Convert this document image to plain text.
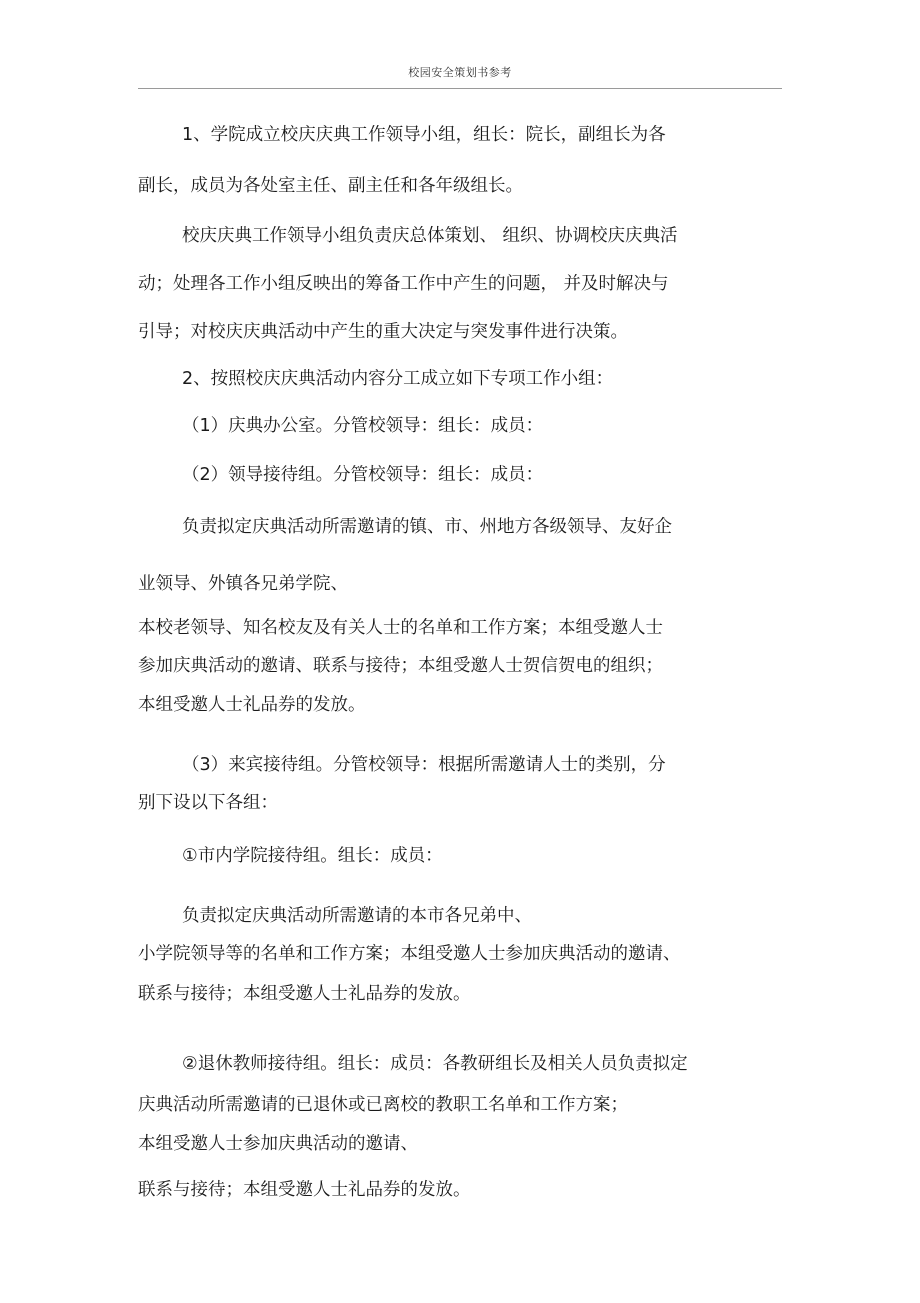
校园安全策划书参考
1、学院成立校庆庆典工作领导小组，组长：院长，副组长为各
副长，成员为各处室主任、副主任和各年级组长。
校庆庆典工作领导小组负责庆总体策划、 组织、协调校庆庆典活
动；处理各工作小组反映出的筹备工作中产生的问题， 并及时解决与
引导；对校庆庆典活动中产生的重大决定与突发事件进行决策。
2、按照校庆庆典活动内容分工成立如下专项工作小组：
（1）庆典办公室。分管校领导：组长：成员：
（2）领导接待组。分管校领导：组长：成员：
负责拟定庆典活动所需邀请的镇、市、州地方各级领导、友好企
业领导、外镇各兄弟学院、
本校老领导、知名校友及有关人士的名单和工作方案；本组受邀人士
参加庆典活动的邀请、联系与接待；本组受邀人士贺信贺电的组织；
本组受邀人士礼品券的发放。
（3）来宾接待组。分管校领导：根据所需邀请人士的类别，分
别下设以下各组：
①市内学院接待组。组长：成员：
负责拟定庆典活动所需邀请的本市各兄弟中、
小学院领导等的名单和工作方案；本组受邀人士参加庆典活动的邀请、
联系与接待；本组受邀人士礼品券的发放。
②退休教师接待组。组长：成员：各教研组长及相关人员负责拟定
庆典活动所需邀请的已退休或已离校的教职工名单和工作方案；
本组受邀人士参加庆典活动的邀请、
联系与接待；本组受邀人士礼品券的发放。
